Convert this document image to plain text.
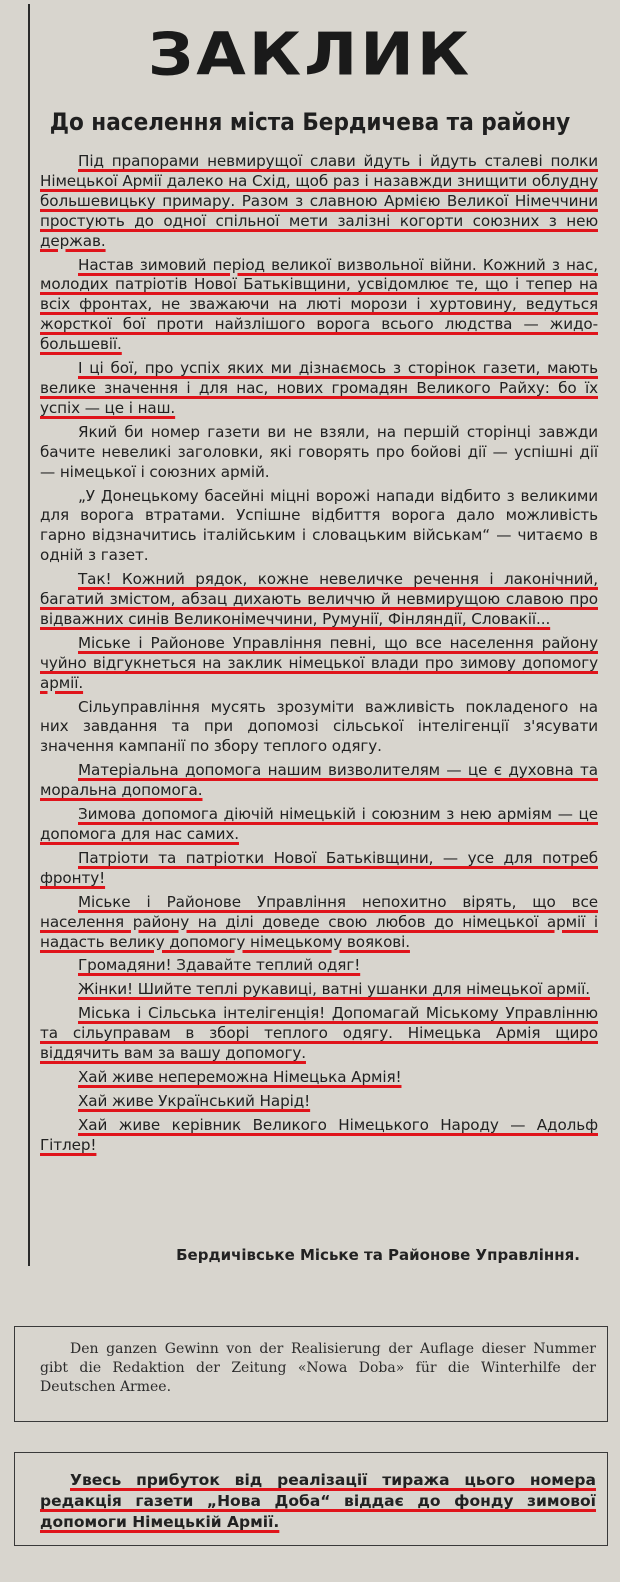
ЗАКЛИК
До населення міста Бердичева та району

Під прапорами невмирущої слави йдуть і йдуть сталеві полки Німецької Армії далеко на Схід, щоб раз і назавжди знищити облудну большевицьку примару. Разом з славною Армією Великої Німеччини простують до одної спільної мети залізні когорти союзних з нею держав.

Настав зимовий період великої визвольної війни. Кожний з нас, молодих патріотів Нової Батьківщини, усвідомлює те, що і тепер на всіх фронтах, не зважаючи на люті морози і хуртовину, ведуться жорсткої бої проти найзлішого ворога всього людства — жидо-большевії.

І ці бої, про успіх яких ми дізнаємось з сторінок газети, мають велике значення і для нас, нових громадян Великого Райху: бо їх успіх — це і наш.

Який би номер газети ви не взяли, на першій сторінці завжди бачите невеликі заголовки, які говорять про бойові дії — успішні дії — німецької і союзних армій.

„У Донецькому басейні міцні ворожі напади відбито з великими для ворога втратами. Успішне відбиття ворога дало можливість гарно відзначитись італійським і словацьким військам“ — читаємо в одній з газет.

Так! Кожний рядок, кожне невеличке речення і лаконічний, багатий змістом, абзац дихають величчю й невмирущою славою про відважних синів Великонімеччини, Румунії, Фінляндії, Словакії...

Міське і Районове Управління певні, що все населення району чуйно відгукнеться на заклик німецької влади про зимову допомогу армії.

Сільуправління мусять зрозуміти важливість покладеного на них завдання та при допомозі сільської інтелігенції з'ясувати значення кампанії по збору теплого одягу.

Матеріальна допомога нашим визволителям — це є духовна та моральна допомога.

Зимова допомога діючій німецькій і союзним з нею арміям — це допомога для нас самих.

Патріоти та патріотки Нової Батьківщини, — усе для потреб фронту!

Міське і Районове Управління непохитно вірять, що все населення району на ділі доведе свою любов до німецької армії і надасть велику допомогу німецькому воякові.

Громадяни! Здавайте теплий одяг!

Жінки! Шийте теплі рукавиці, ватні ушанки для німецької армії.

Міська і Сільська інтелігенція! Допомагай Міському Управлінню та сільуправам в зборі теплого одягу. Німецька Армія щиро віддячить вам за вашу допомогу.

Хай живе непереможна Німецька Армія!

Хай живе Український Нарід!

Хай живе керівник Великого Німецького Народу — Адольф Гітлер!

Бердичівське Міське та Районове Управління.
Den ganzen Gewinn von der Realisierung der Auflage dieser Nummer gibt die Redaktion der Zeitung «Nowa Doba» für die Winterhilfe der Deutschen Armee.
Увесь прибуток від реалізації тиража цього номера редакція газети „Нова Доба“ віддає до фонду зимової допомоги Німецькій Армії.
